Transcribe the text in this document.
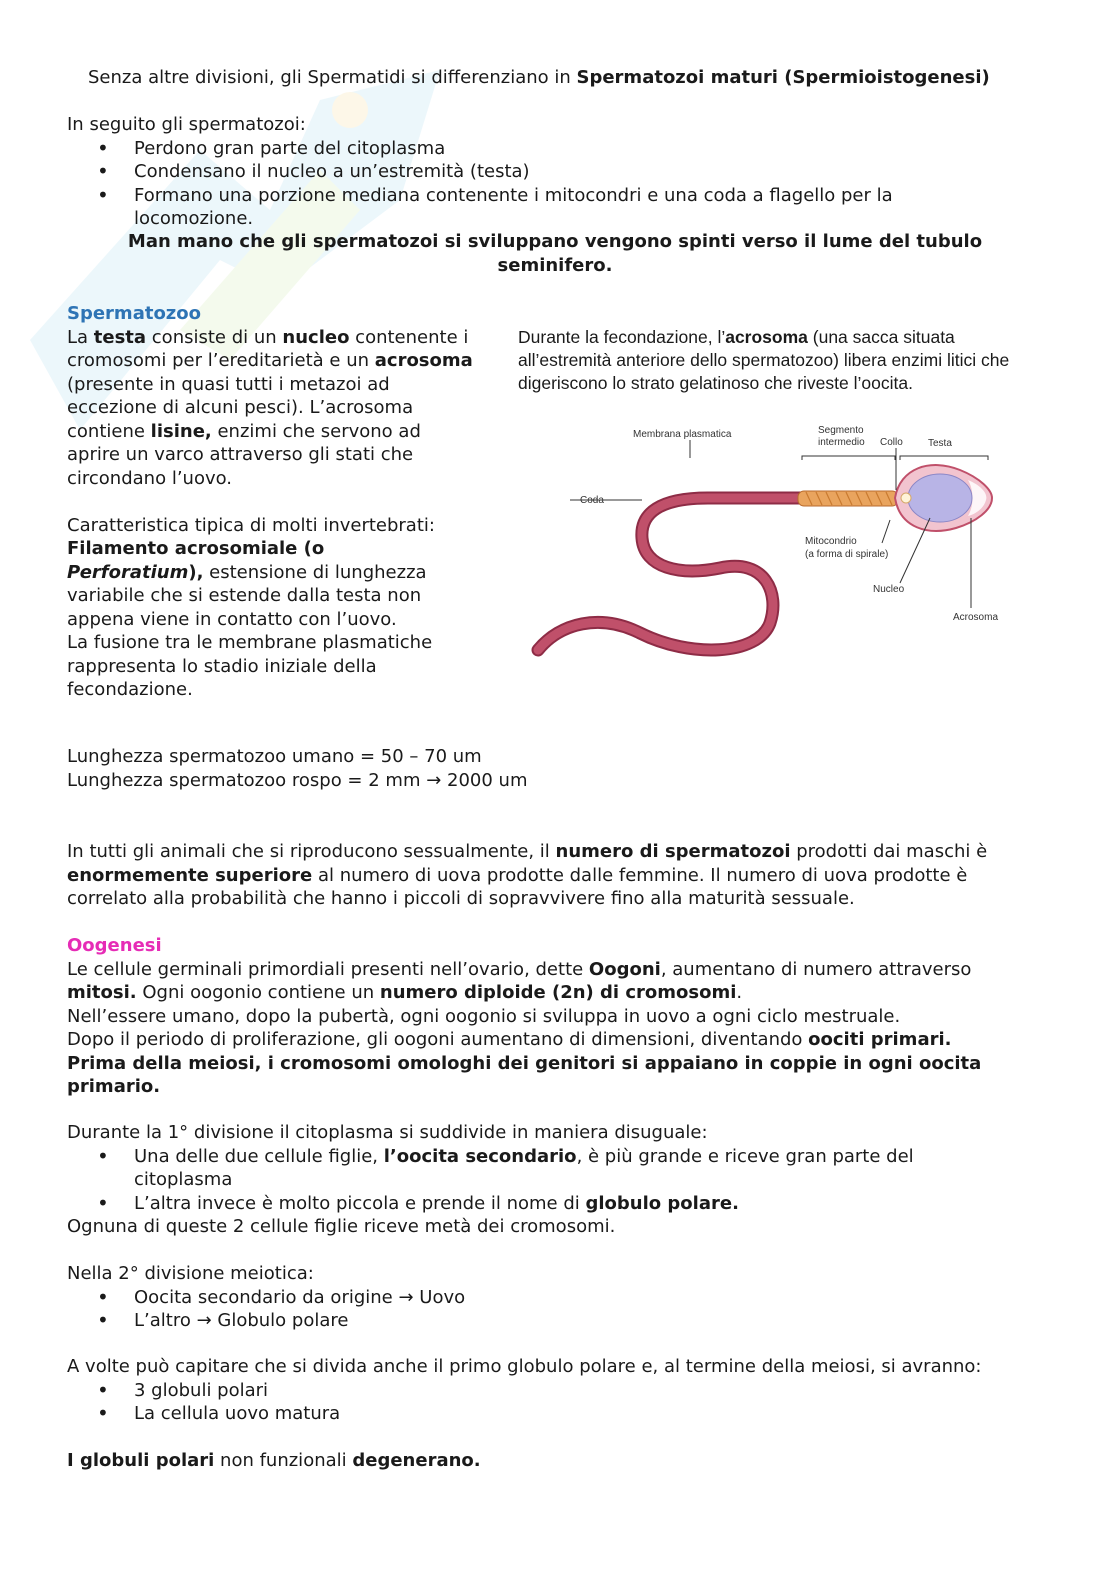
Senza altre divisioni, gli Spermatidi si differenziano in Spermatozoi maturi (Spermioistogenesi)
In seguito gli spermatozoi:
• Perdono gran parte del citoplasma
• Condensano il nucleo a un’estremità (testa)
• Formano una porzione mediana contenente i mitocondri e una coda a flagello per la locomozione.
Man mano che gli spermatozoi si sviluppano vengono spinti verso il lume del tubulo seminifero.
Spermatozoo
La testa consiste di un nucleo contenente i cromosomi per l’ereditarietà e un acrosoma (presente in quasi tutti i metazoi ad eccezione di alcuni pesci). L’acrosoma contiene lisine, enzimi che servono ad aprire un varco attraverso gli stati che circondano l’uovo.
Caratteristica tipica di molti invertebrati:
Filamento acrosomiale (o Perforatium), estensione di lunghezza variabile che si estende dalla testa non appena viene in contatto con l’uovo.
La fusione tra le membrane plasmatiche rappresenta lo stadio iniziale della fecondazione.
Lunghezza spermatozoo umano = 50 – 70 um
Lunghezza spermatozoo rospo = 2 mm → 2000 um
Durante la fecondazione, l’acrosoma (una sacca situata all’estremità anteriore dello spermatozoo) libera enzimi litici che digeriscono lo strato gelatinoso che riveste l’oocita.
Membrana plasmatica	Segmento
intermedio Collo	Testa
Coda
Mitocondrio
(a forma di spirale)
Nucleo
Acrosoma
In tutti gli animali che si riproducono sessualmente, il numero di spermatozoi prodotti dai maschi è enormemente superiore al numero di uova prodotte dalle femmine. Il numero di uova prodotte è correlato alla probabilità che hanno i piccoli di sopravvivere fino alla maturità sessuale.
Oogenesi
Le cellule germinali primordiali presenti nell’ovario, dette Oogoni, aumentano di numero attraverso
mitosi. Ogni oogonio contiene un numero diploide (2n) di cromosomi.
Nell’essere umano, dopo la pubertà, ogni oogonio si sviluppa in uovo a ogni ciclo mestruale.
Dopo il periodo di proliferazione, gli oogoni aumentano di dimensioni, diventando oociti primari.
Prima della meiosi, i cromosomi omologhi dei genitori si appaiano in coppie in ogni oocita primario.
Durante la 1° divisione il citoplasma si suddivide in maniera disuguale:
• Una delle due cellule figlie, l’oocita secondario, è più grande e riceve gran parte del citoplasma
• L’altra invece è molto piccola e prende il nome di globulo polare.
Ognuna di queste 2 cellule figlie riceve metà dei cromosomi.
Nella 2° divisione meiotica:
• Oocita secondario da origine → Uovo
• L’altro → Globulo polare
A volte può capitare che si divida anche il primo globulo polare e, al termine della meiosi, si avranno:
• 3 globuli polari
• La cellula uovo matura
I globuli polari non funzionali degenerano.
